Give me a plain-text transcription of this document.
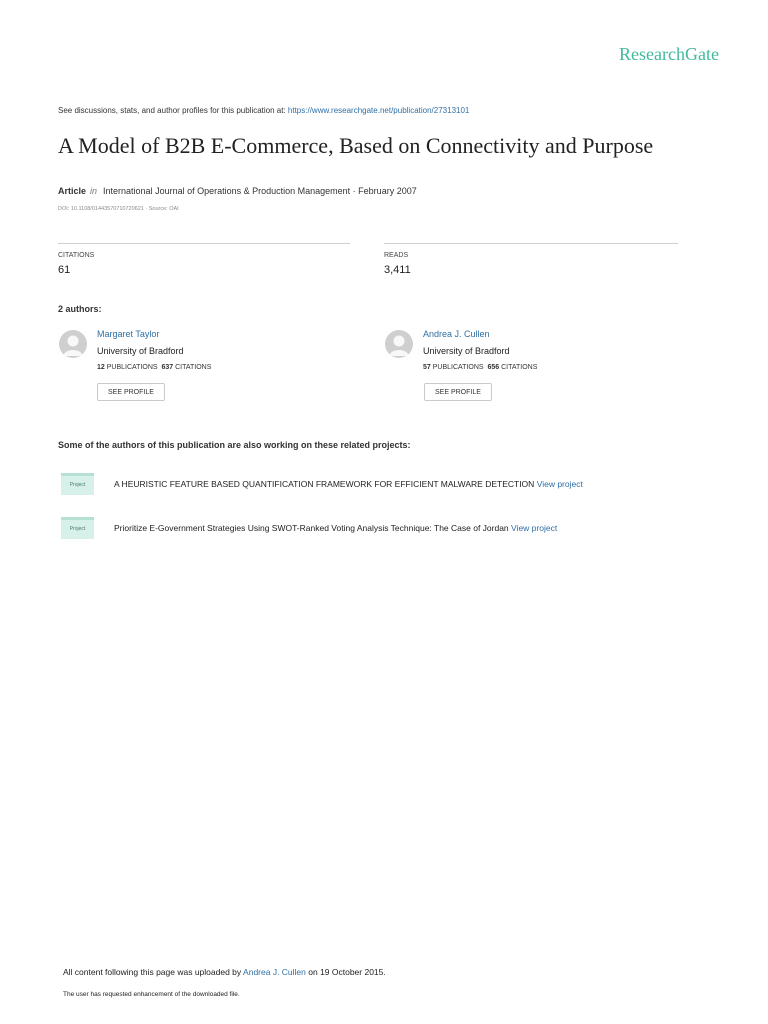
ResearchGate
See discussions, stats, and author profiles for this publication at: https://www.researchgate.net/publication/27313101
A Model of B2B E-Commerce, Based on Connectivity and Purpose
Article in International Journal of Operations & Production Management · February 2007
DOI: 10.1108/01443570710720621 · Source: OAI
CITATIONS
61
READS
3,411
2 authors:
Margaret Taylor
University of Bradford
12 PUBLICATIONS 637 CITATIONS
SEE PROFILE
Andrea J. Cullen
University of Bradford
57 PUBLICATIONS 656 CITATIONS
SEE PROFILE
Some of the authors of this publication are also working on these related projects:
Project	A HEURISTIC FEATURE BASED QUANTIFICATION FRAMEWORK FOR EFFICIENT MALWARE DETECTION View project
Project	Prioritize E-Government Strategies Using SWOT-Ranked Voting Analysis Technique: The Case of Jordan View project
All content following this page was uploaded by Andrea J. Cullen on 19 October 2015.
The user has requested enhancement of the downloaded file.
